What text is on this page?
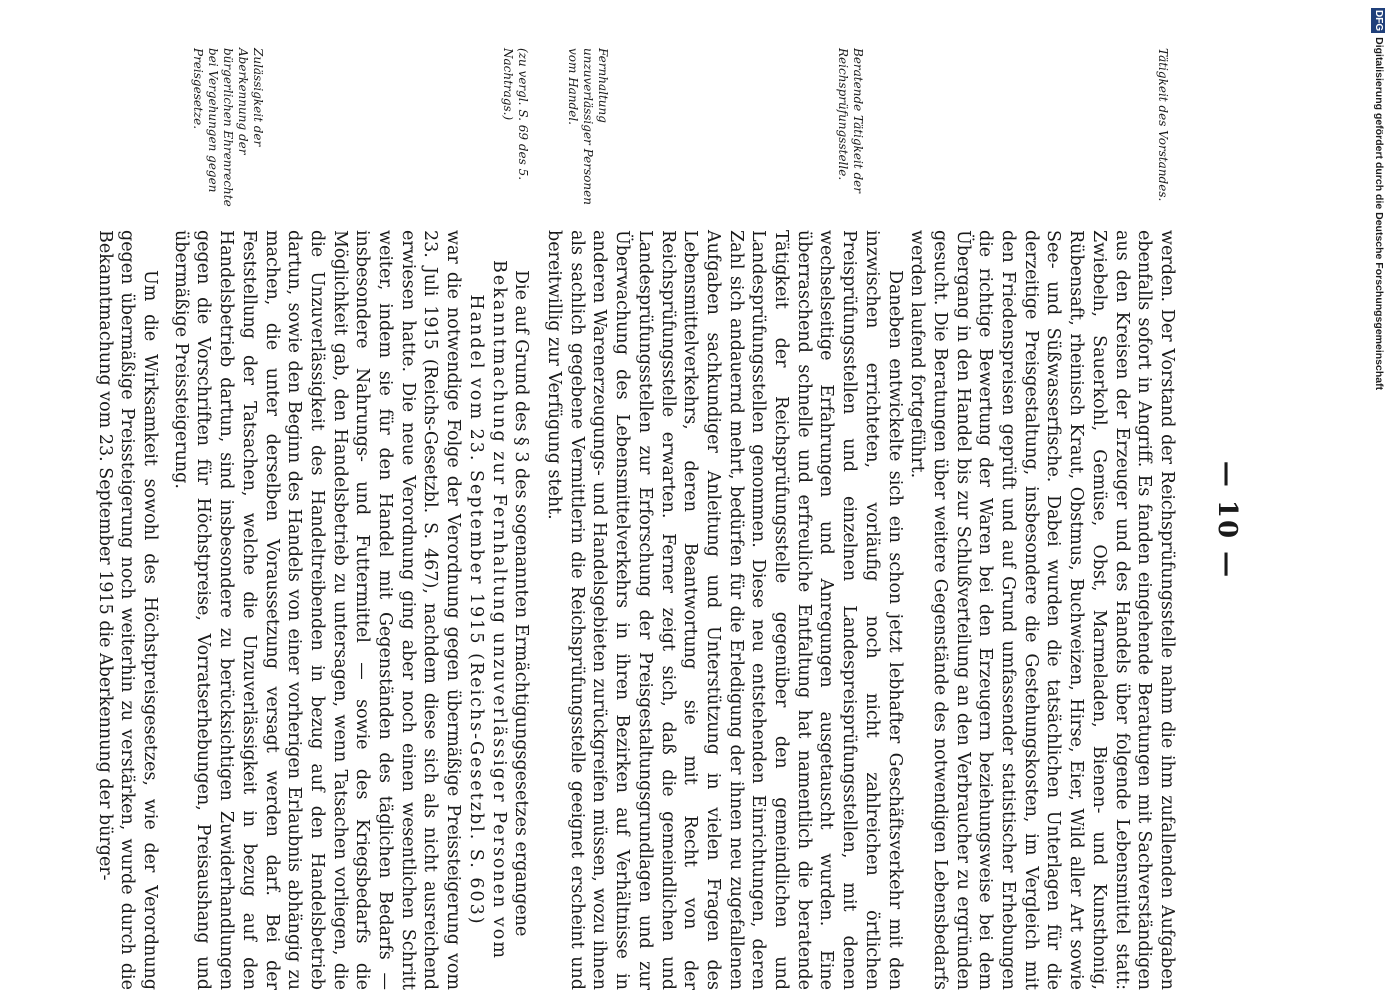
— 10 —
Tätigkeit des Vorstandes.
Beratende Tätigkeit der Reichsprüfungsstelle.
Fernhaltung unzuverlässiger Personen vom Handel.
(zu vergl. S. 69 des 5. Nachtrags.)
Zulässigkeit der Aberkennung der bürgerlichen Ehrenrechte bei Vergehungen gegen Preisgesetze.

werden. Der Vorstand der Reichsprüfungsstelle nahm die ihm zufallenden Aufgaben ebenfalls sofort in Angriff. Es fanden eingehende Beratungen mit Sachverständigen aus den Kreisen der Erzeuger und des Handels über folgende Lebensmittel statt: Zwiebeln, Sauerkohl, Gemüse, Obst, Marmeladen, Bienen- und Kunsthonig, Rübensaft, rheinisch Kraut, Obstmus, Buchweizen, Hirse, Eier, Wild aller Art sowie See- und Süßwasserfische. Dabei wurden die tatsächlichen Unterlagen für die derzeitige Preisgestaltung, insbesondere die Gestehungskosten, im Vergleich mit den Friedenspreisen geprüft und auf Grund umfassender statistischer Erhebungen die richtige Bewertung der Waren bei den Erzeugern beziehungsweise bei dem Übergang in den Handel bis zur Schlußverteilung an den Verbraucher zu ergründen gesucht. Die Beratungen über weitere Gegenstände des notwendigen Lebensbedarfs werden laufend fortgeführt.

Daneben entwickelte sich ein schon jetzt lebhafter Geschäftsverkehr mit den inzwischen errichteten, vorläufig noch nicht zahlreichen örtlichen Preisprüfungsstellen und einzelnen Landespreisprüfungsstellen, mit denen wechselseitige Erfahrungen und Anregungen ausgetauscht wurden. Eine überraschend schnelle und erfreuliche Entfaltung hat namentlich die beratende Tätigkeit der Reichsprüfungsstelle gegenüber den gemeindlichen und Landesprüfungsstellen genommen. Diese neu entstehenden Einrichtungen, deren Zahl sich andauernd mehrt, bedürfen für die Erledigung der ihnen neu zugefallenen Aufgaben sachkundiger Anleitung und Unterstützung in vielen Fragen des Lebensmittelverkehrs, deren Beantwortung sie mit Recht von der Reichsprüfungsstelle erwarten. Ferner zeigt sich, daß die gemeindlichen und Landesprüfungsstellen zur Erforschung der Preisgestaltungsgrundlagen und zur Überwachung des Lebensmittelverkehrs in ihren Bezirken auf Verhältnisse in anderen Warenerzeugungs- und Handelsgebieten zurückgreifen müssen, wozu ihnen als sachlich gegebene Vermittlerin die Reichsprüfungsstelle geeignet erscheint und bereitwillig zur Verfügung steht.

Die auf Grund des § 3 des sogenannten Ermächtigungsgesetzes ergangene

Bekanntmachung zur Fernhaltung unzuverlässiger Personen vom Handel vom 23. September 1915 (Reichs-Gesetzbl. S. 603)

war die notwendige Folge der Verordnung gegen übermäßige Preissteigerung vom 23. Juli 1915 (Reichs-Gesetzbl. S. 467), nachdem diese sich als nicht ausreichend erwiesen hatte. Die neue Verordnung ging aber noch einen wesentlichen Schritt weiter, indem sie für den Handel mit Gegenständen des täglichen Bedarfs — insbesondere Nahrungs- und Futtermittel — sowie des Kriegsbedarfs die Möglichkeit gab, den Handelsbetrieb zu untersagen, wenn Tatsachen vorliegen, die die Unzuverlässigkeit des Handeltreibenden in bezug auf den Handelsbetrieb dartun, sowie den Beginn des Handels von einer vorherigen Erlaubnis abhängig zu machen, die unter derselben Voraussetzung versagt werden darf. Bei der Feststellung der Tatsachen, welche die Unzuverlässigkeit in bezug auf den Handelsbetrieb dartun, sind insbesondere zu berücksichtigen Zuwiderhandlungen gegen die Vorschriften für Höchstpreise, Vorratserhebungen, Preisaushang und übermäßige Preissteigerung.

Um die Wirksamkeit sowohl des Höchstpreisgesetzes, wie der Verordnung gegen übermäßige Preissteigerung noch weiterhin zu verstärken, wurde durch die Bekanntmachung vom 23. September 1915 die Aberkennung der bürger-

DFGDigitalisierung gefördert durch die Deutsche Forschungsgemeinschaft
